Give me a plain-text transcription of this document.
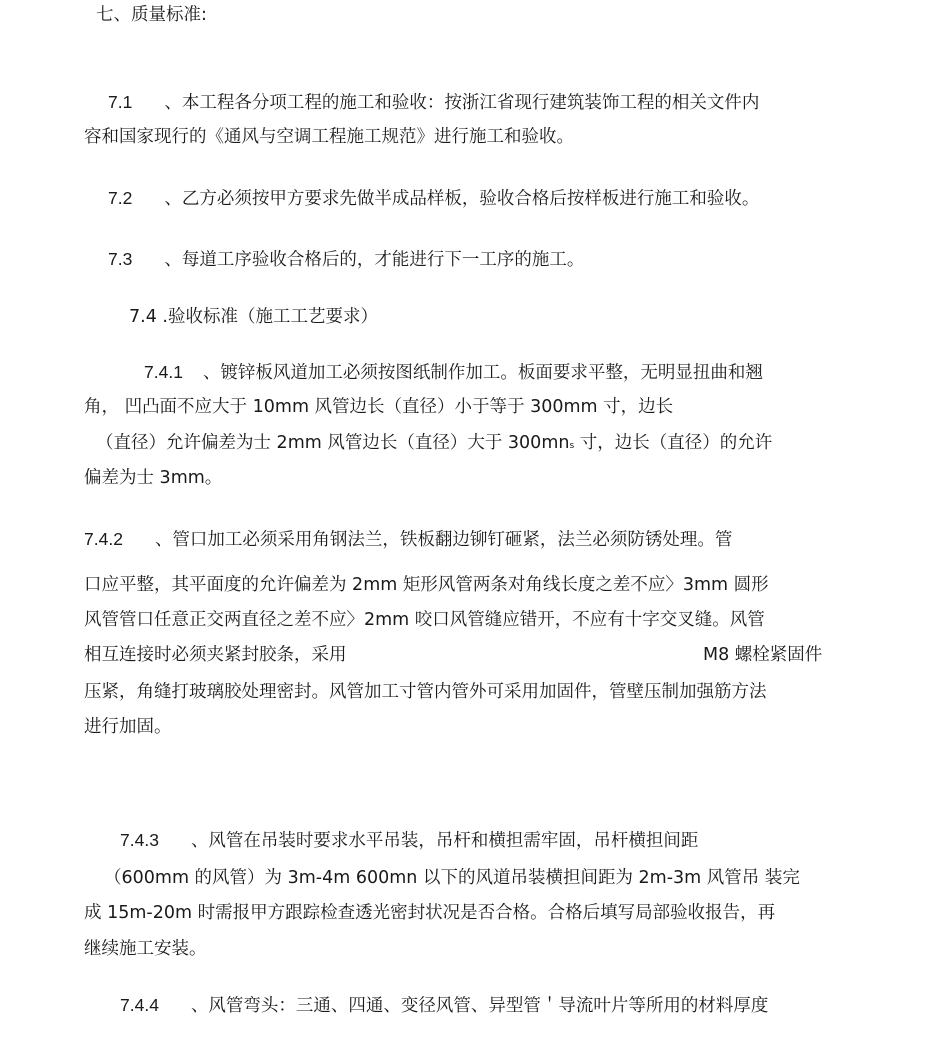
七、质量标准:
7.1 、本工程各分项工程的施工和验收：按浙江省现行建筑装饰工程的相关文件内
容和国家现行的《通风与空调工程施工规范》进行施工和验收。
7.2 、乙方必须按甲方要求先做半成品样板，验收合格后按样板进行施工和验收。
7.3 、每道工序验收合格后的，才能进行下一工序的施工。
7.4 .验收标准（施工工艺要求）
7.4.1 、镀锌板风道加工必须按图纸制作加工。板面要求平整，无明显扭曲和翘
角， 凹凸面不应大于 10mm 风管边长（直径）小于等于 300mm 寸，边长
（直径）允许偏差为士 2mm 风管边长（直径）大于 300mns 寸，边长（直径）的允许
偏差为士 3mm。
7.4.2 、管口加工必须采用角钢法兰，铁板翻边铆钉砸紧，法兰必须防锈处理。管
口应平整，其平面度的允许偏差为 2mm 矩形风管两条对角线长度之差不应〉3mm 圆形
风管管口任意正交两直径之差不应〉2mm 咬口风管缝应错开，不应有十字交叉缝。风管
相互连接时必须夹紧封胶条，采用	M8 螺栓紧固件
压紧，角缝打玻璃胶处理密封。风管加工寸管内管外可采用加固件，管壁压制加强筋方法
进行加固。
7.4.3 、风管在吊装时要求水平吊装，吊杆和横担需牢固，吊杆横担间距
（600mm 的风管）为 3m-4m 600mn 以下的风道吊装横担间距为 2m-3m 风管吊 装完
成 15m-20m 时需报甲方跟踪检查透光密封状况是否合格。合格后填写局部验收报告，再
继续施工安装。
7.4.4 、风管弯头：三通、四通、变径风管、异型管＇导流叶片等所用的材料厚度
